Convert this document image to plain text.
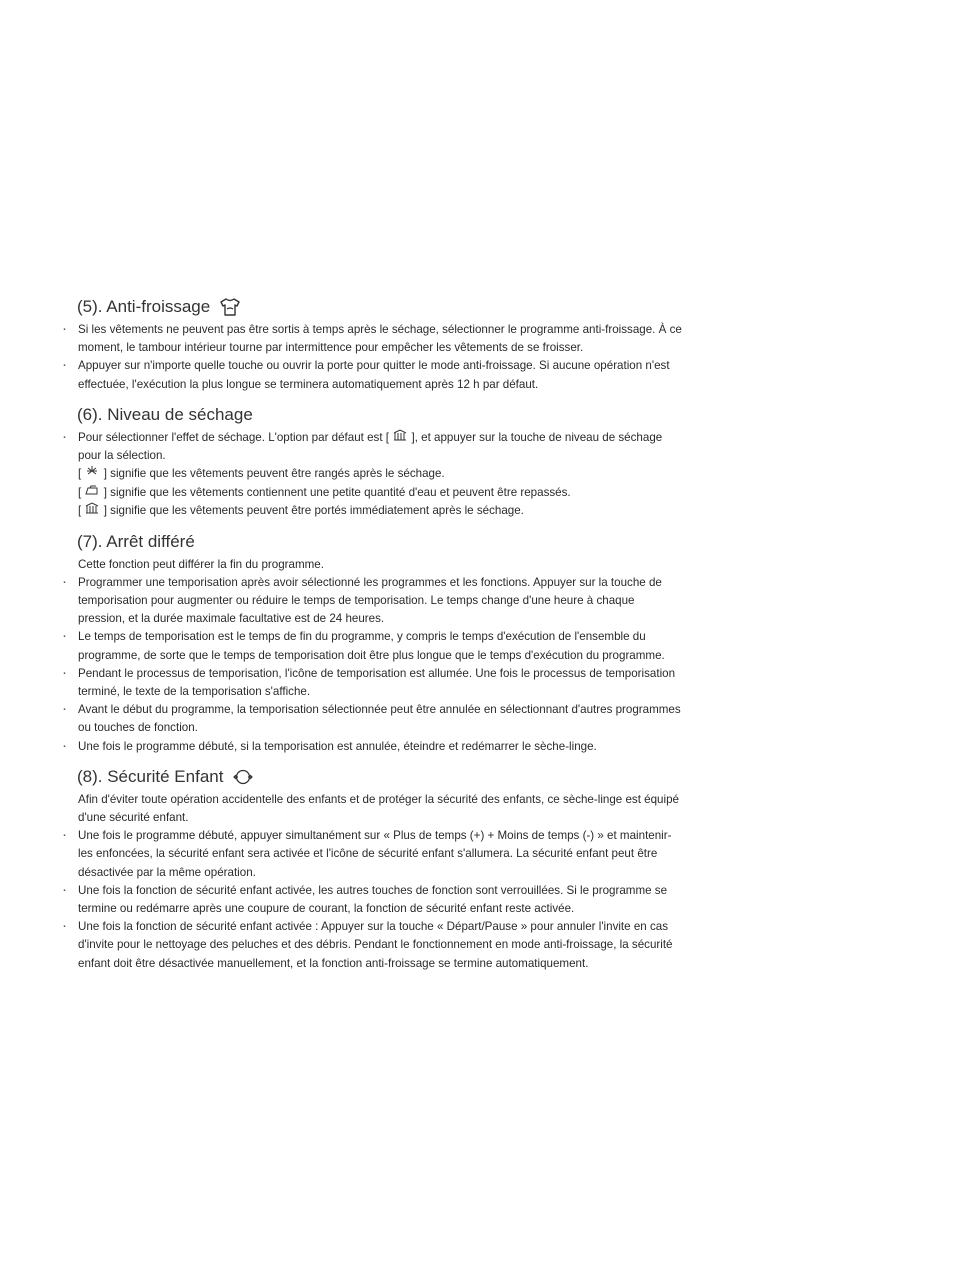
(5). Anti-froissage

· Si les vêtements ne peuvent pas être sortis à temps après le séchage, sélectionner le programme anti-froissage. À ce moment, le tambour intérieur tourne par intermittence pour empêcher les vêtements de se froisser.

· Appuyer sur n'importe quelle touche ou ouvrir la porte pour quitter le mode anti-froissage. Si aucune opération n'est effectuée, l'exécution la plus longue se terminera automatiquement après 12 h par défaut.

(6). Niveau de séchage

· Pour sélectionner l'effet de séchage. L'option par défaut est [ ], et appuyer sur la touche de niveau de séchage pour la sélection.

[ ] signifie que les vêtements peuvent être rangés après le séchage.

[ ] signifie que les vêtements contiennent une petite quantité d'eau et peuvent être repassés.

[ ] signifie que les vêtements peuvent être portés immédiatement après le séchage.

(7). Arrêt différé

Cette fonction peut différer la fin du programme.

· Programmer une temporisation après avoir sélectionné les programmes et les fonctions. Appuyer sur la touche de temporisation pour augmenter ou réduire le temps de temporisation. Le temps change d'une heure à chaque pression, et la durée maximale facultative est de 24 heures.

· Le temps de temporisation est le temps de fin du programme, y compris le temps d'exécution de l'ensemble du programme, de sorte que le temps de temporisation doit être plus longue que le temps d'exécution du programme.

· Pendant le processus de temporisation, l'icône de temporisation est allumée. Une fois le processus de temporisation terminé, le texte de la temporisation s'affiche.

· Avant le début du programme, la temporisation sélectionnée peut être annulée en sélectionnant d'autres programmes ou touches de fonction.

· Une fois le programme débuté, si la temporisation est annulée, éteindre et redémarrer le sèche-linge.

(8). Sécurité Enfant

Afin d'éviter toute opération accidentelle des enfants et de protéger la sécurité des enfants, ce sèche-linge est équipé d'une sécurité enfant.

· Une fois le programme débuté, appuyer simultanément sur « Plus de temps (+) + Moins de temps (-) » et maintenir-les enfoncées, la sécurité enfant sera activée et l'icône de sécurité enfant s'allumera. La sécurité enfant peut être désactivée par la même opération.

· Une fois la fonction de sécurité enfant activée, les autres touches de fonction sont verrouillées. Si le programme se termine ou redémarre après une coupure de courant, la fonction de sécurité enfant reste activée.

· Une fois la fonction de sécurité enfant activée : Appuyer sur la touche « Départ/Pause » pour annuler l'invite en cas d'invite pour le nettoyage des peluches et des débris. Pendant le fonctionnement en mode anti-froissage, la sécurité enfant doit être désactivée manuellement, et la fonction anti-froissage se termine automatiquement.
